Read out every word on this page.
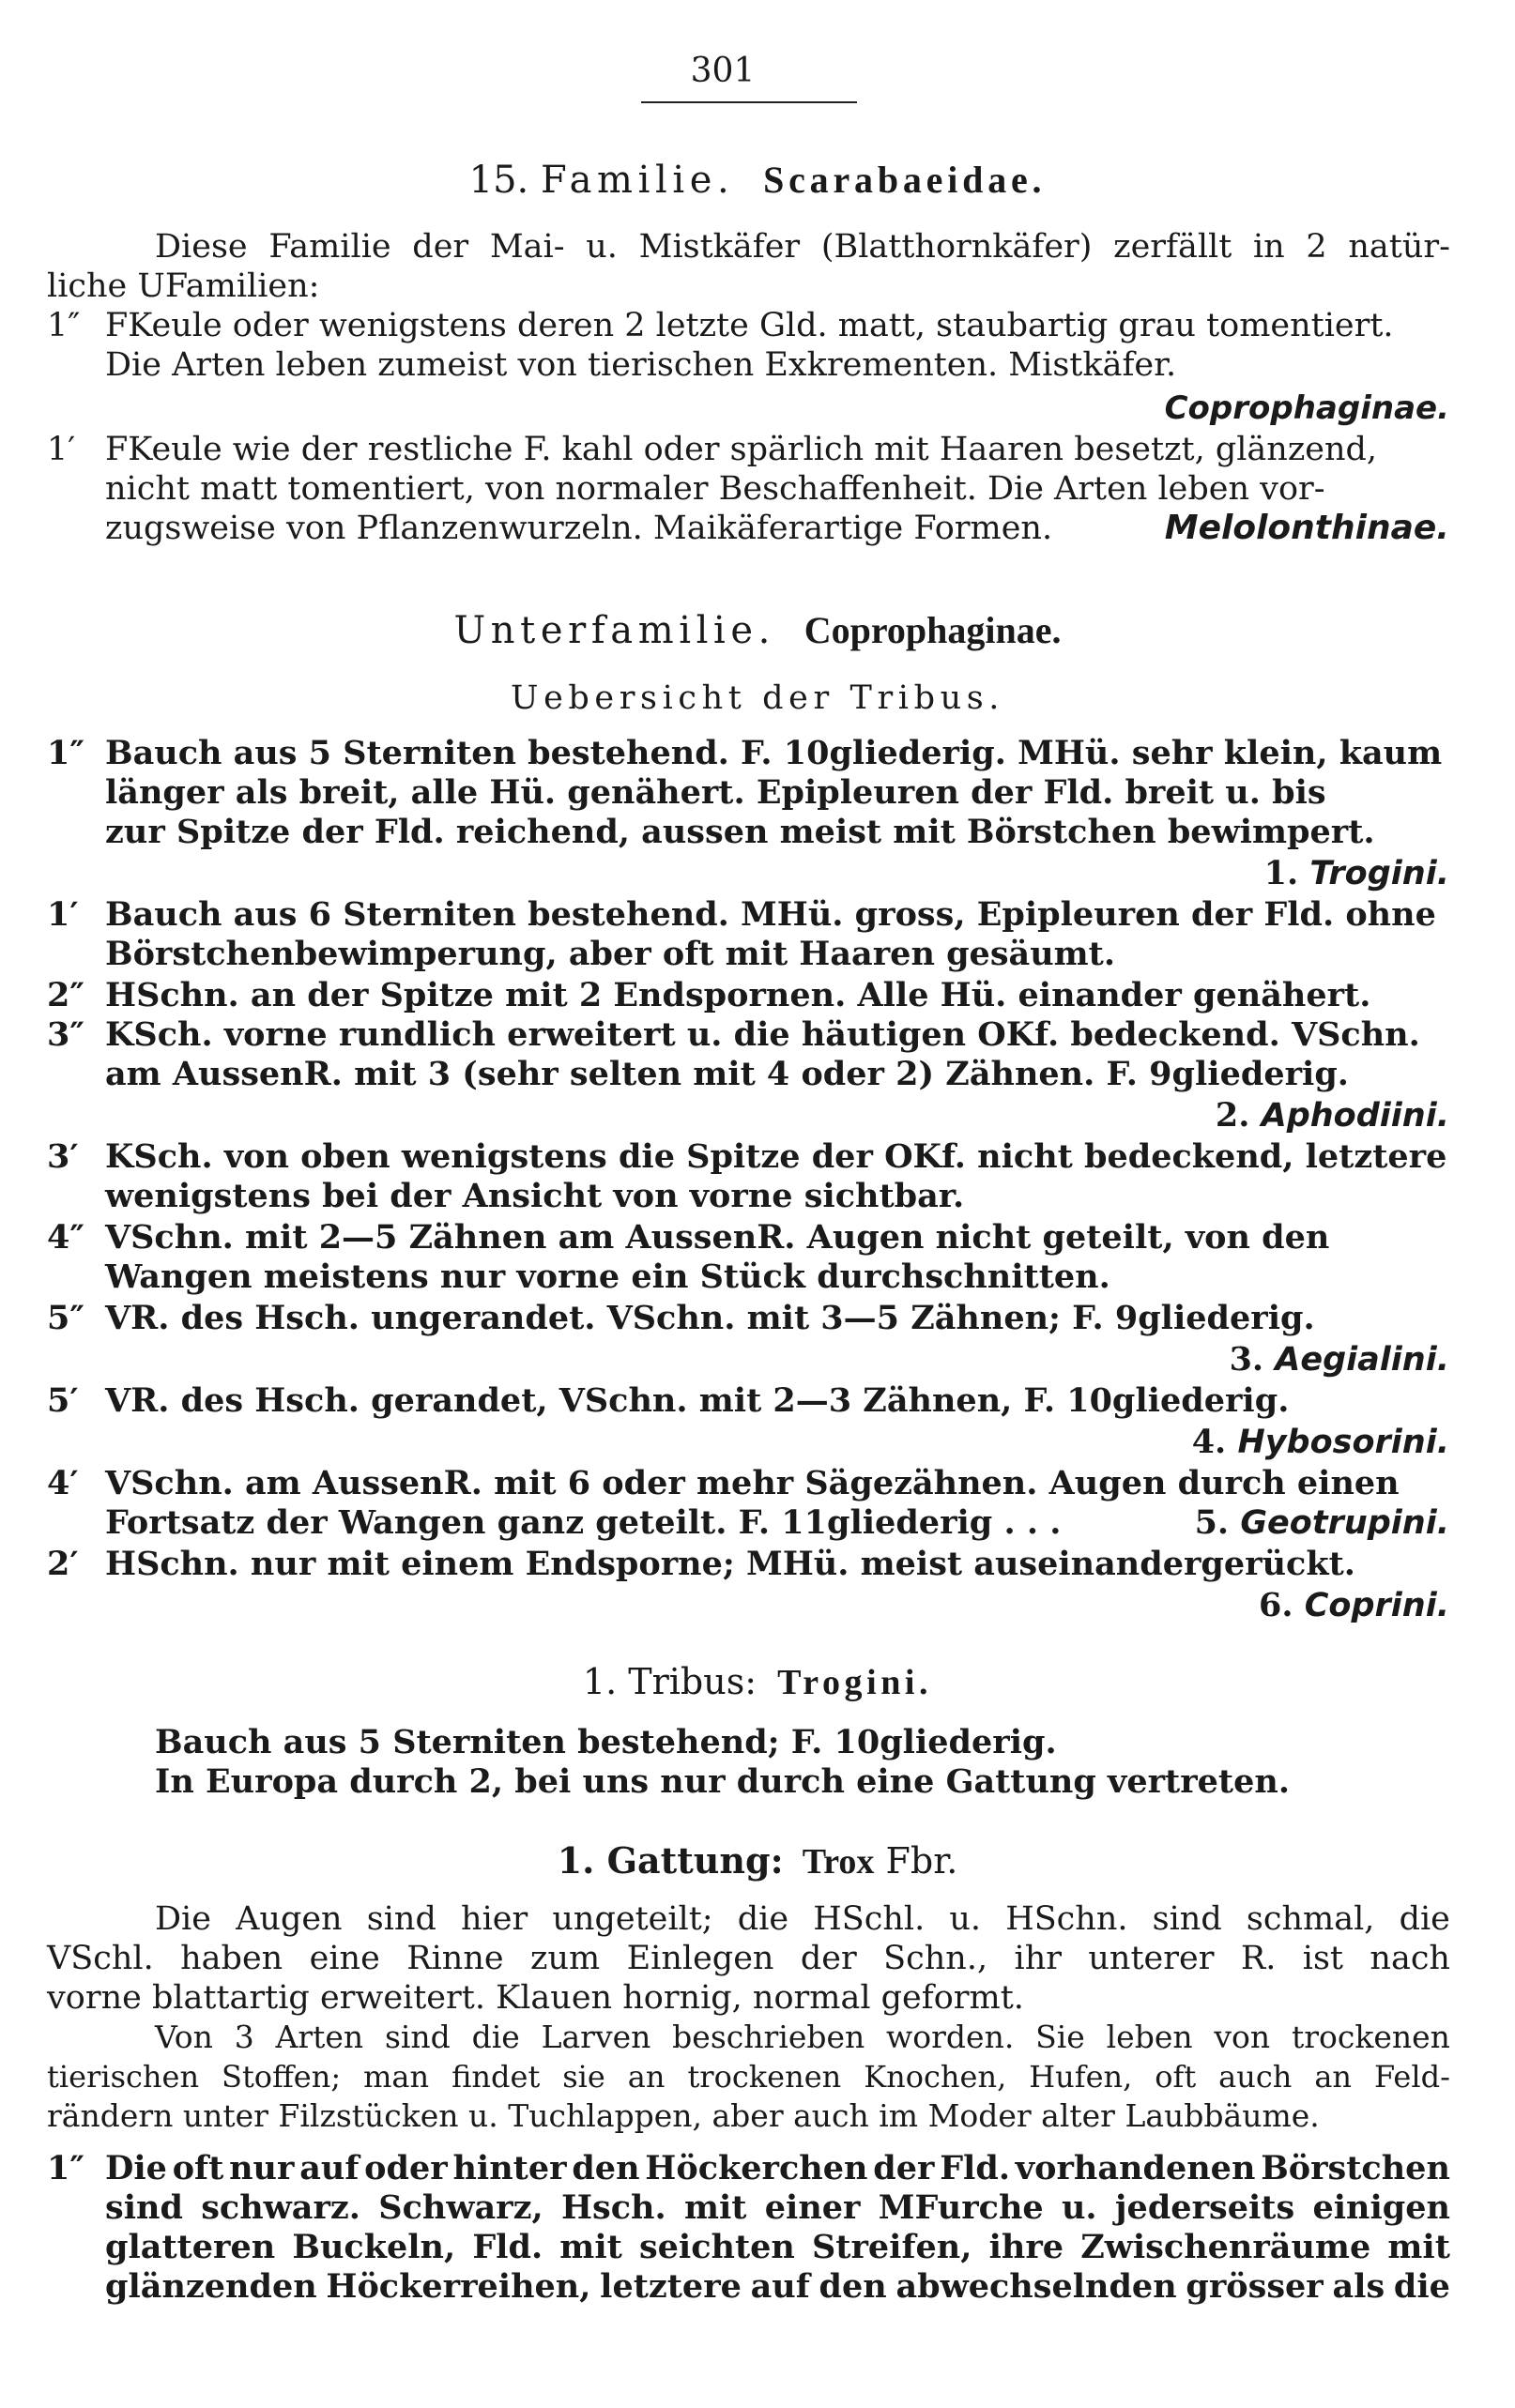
301
15. Familie. Scarabaeidae.
Diese Familie der Mai- u. Mistkäfer (Blatthornkäfer) zerfällt in 2 natür-
liche UFamilien:
1″ FKeule oder wenigstens deren 2 letzte Gld. matt, staubartig grau tomentiert.
Die Arten leben zumeist von tierischen Exkrementen. Mistkäfer.
Coprophaginae.
1′ FKeule wie der restliche F. kahl oder spärlich mit Haaren besetzt, glänzend,
nicht matt tomentiert, von normaler Beschaffenheit. Die Arten leben vor-
zugsweise von Pflanzenwurzeln. Maikäferartige Formen.	Melolonthinae.
Unterfamilie. Coprophaginae.
Uebersicht der Tribus.
1″ Bauch aus 5 Sterniten bestehend. F. 10gliederig. MHü. sehr klein, kaum
länger als breit, alle Hü. genähert. Epipleuren der Fld. breit u. bis
zur Spitze der Fld. reichend, aussen meist mit Börstchen bewimpert.
1. Trogini.
1′ Bauch aus 6 Sterniten bestehend. MHü. gross, Epipleuren der Fld. ohne
Börstchenbewimperung, aber oft mit Haaren gesäumt.
2″ HSchn. an der Spitze mit 2 Endspornen. Alle Hü. einander genähert.
3″ KSch. vorne rundlich erweitert u. die häutigen OKf. bedeckend. VSchn.
am AussenR. mit 3 (sehr selten mit 4 oder 2) Zähnen. F. 9gliederig.
2. Aphodiini.
3′ KSch. von oben wenigstens die Spitze der OKf. nicht bedeckend, letztere
wenigstens bei der Ansicht von vorne sichtbar.
4″ VSchn. mit 2—5 Zähnen am AussenR. Augen nicht geteilt, von den
Wangen meistens nur vorne ein Stück durchschnitten.
5″ VR. des Hsch. ungerandet. VSchn. mit 3—5 Zähnen; F. 9gliederig.
3. Aegialini.
5′ VR. des Hsch. gerandet, VSchn. mit 2—3 Zähnen, F. 10gliederig.
4. Hybosorini.
4′ VSchn. am AussenR. mit 6 oder mehr Sägezähnen. Augen durch einen
Fortsatz der Wangen ganz geteilt. F. 11gliederig . . .	5. Geotrupini.
2′ HSchn. nur mit einem Endsporne; MHü. meist auseinandergerückt.
6. Coprini.
1. Tribus: Trogini.
Bauch aus 5 Sterniten bestehend; F. 10gliederig.
In Europa durch 2, bei uns nur durch eine Gattung vertreten.
1. Gattung: Trox Fbr.
Die Augen sind hier ungeteilt; die HSchl. u. HSchn. sind schmal, die
VSchl. haben eine Rinne zum Einlegen der Schn., ihr unterer R. ist nach
vorne blattartig erweitert. Klauen hornig, normal geformt.
Von 3 Arten sind die Larven beschrieben worden. Sie leben von trockenen
tierischen Stoffen; man findet sie an trockenen Knochen, Hufen, oft auch an Feld-
rändern unter Filzstücken u. Tuchlappen, aber auch im Moder alter Laubbäume.
1″ Die oft nur auf oder hinter den Höckerchen der Fld. vorhandenen Börstchen
sind schwarz. Schwarz, Hsch. mit einer MFurche u. jederseits einigen
glatteren Buckeln, Fld. mit seichten Streifen, ihre Zwischenräume mit
glänzenden Höckerreihen, letztere auf den abwechselnden grösser als die
